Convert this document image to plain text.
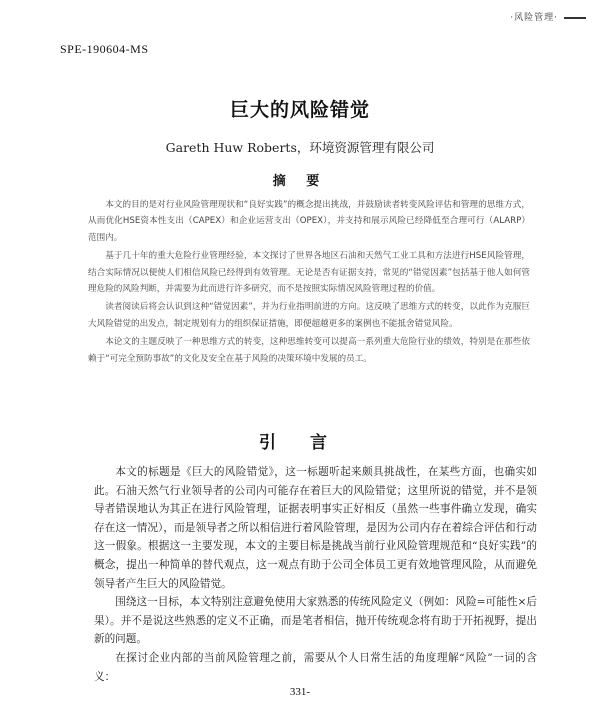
·风险管理·
SPE-190604-MS
巨大的风险错觉
Gareth Huw Roberts，环境资源管理有限公司
摘 要

本文的目的是对行业风险管理现状和“良好实践”的概念提出挑战，并鼓励读者转变风险评估和管理的思维方式，从而优化HSE资本性支出（CAPEX）和企业运营支出（OPEX），并支持和展示风险已经降低至合理可行（ALARP）范围内。

基于几十年的重大危险行业管理经验，本文探讨了世界各地区石油和天然气工业工具和方法进行HSE风险管理，结合实际情况以便使人们相信风险已经得到有效管理。无论是否有证据支持，常见的“错觉因素”包括基于他人如何管理危险的风险判断，并需要为此而进行许多研究，而不是按照实际情况风险管理过程的价值。

读者阅读后将会认识到这种“错觉因素”，并为行业指明前进的方向。这反映了思维方式的转变，以此作为克服巨大风险错觉的出发点，制定规划有力的组织保证措施，即便超越更多的案例也不能抵舍错觉风险。

本论文的主题反映了一种思维方式的转变，这种思维转变可以提高一系列重大危险行业的绩效，特别是在那些依赖于“可完全预防事故”的文化及安全在基于风险的决策环境中发展的员工。

引 言

本文的标题是《巨大的风险错觉》，这一标题听起来颇具挑战性，在某些方面，也确实如此。石油天然气行业领导者的公司内可能存在着巨大的风险错觉；这里所说的错觉，并不是领导者错误地认为其正在进行风险管理，证据表明事实正好相反（虽然一些事件确立发现，确实存在这一情况），而是领导者之所以相信进行着风险管理，是因为公司内存在着综合评估和行动这一假象。根据这一主要发现，本文的主要目标是挑战当前行业风险管理规范和“良好实践”的概念，提出一种简单的替代观点，这一观点有助于公司全体员工更有效地管理风险，从而避免领导者产生巨大的风险错觉。

围绕这一目标，本文特别注意避免使用大家熟悉的传统风险定义（例如：风险=可能性×后果）。并不是说这些熟悉的定义不正确，而是笔者相信，抛开传统观念将有助于开拓视野，提出新的问题。

在探讨企业内部的当前风险管理之前，需要从个人日常生活的角度理解“风险”一词的含义：

331-
